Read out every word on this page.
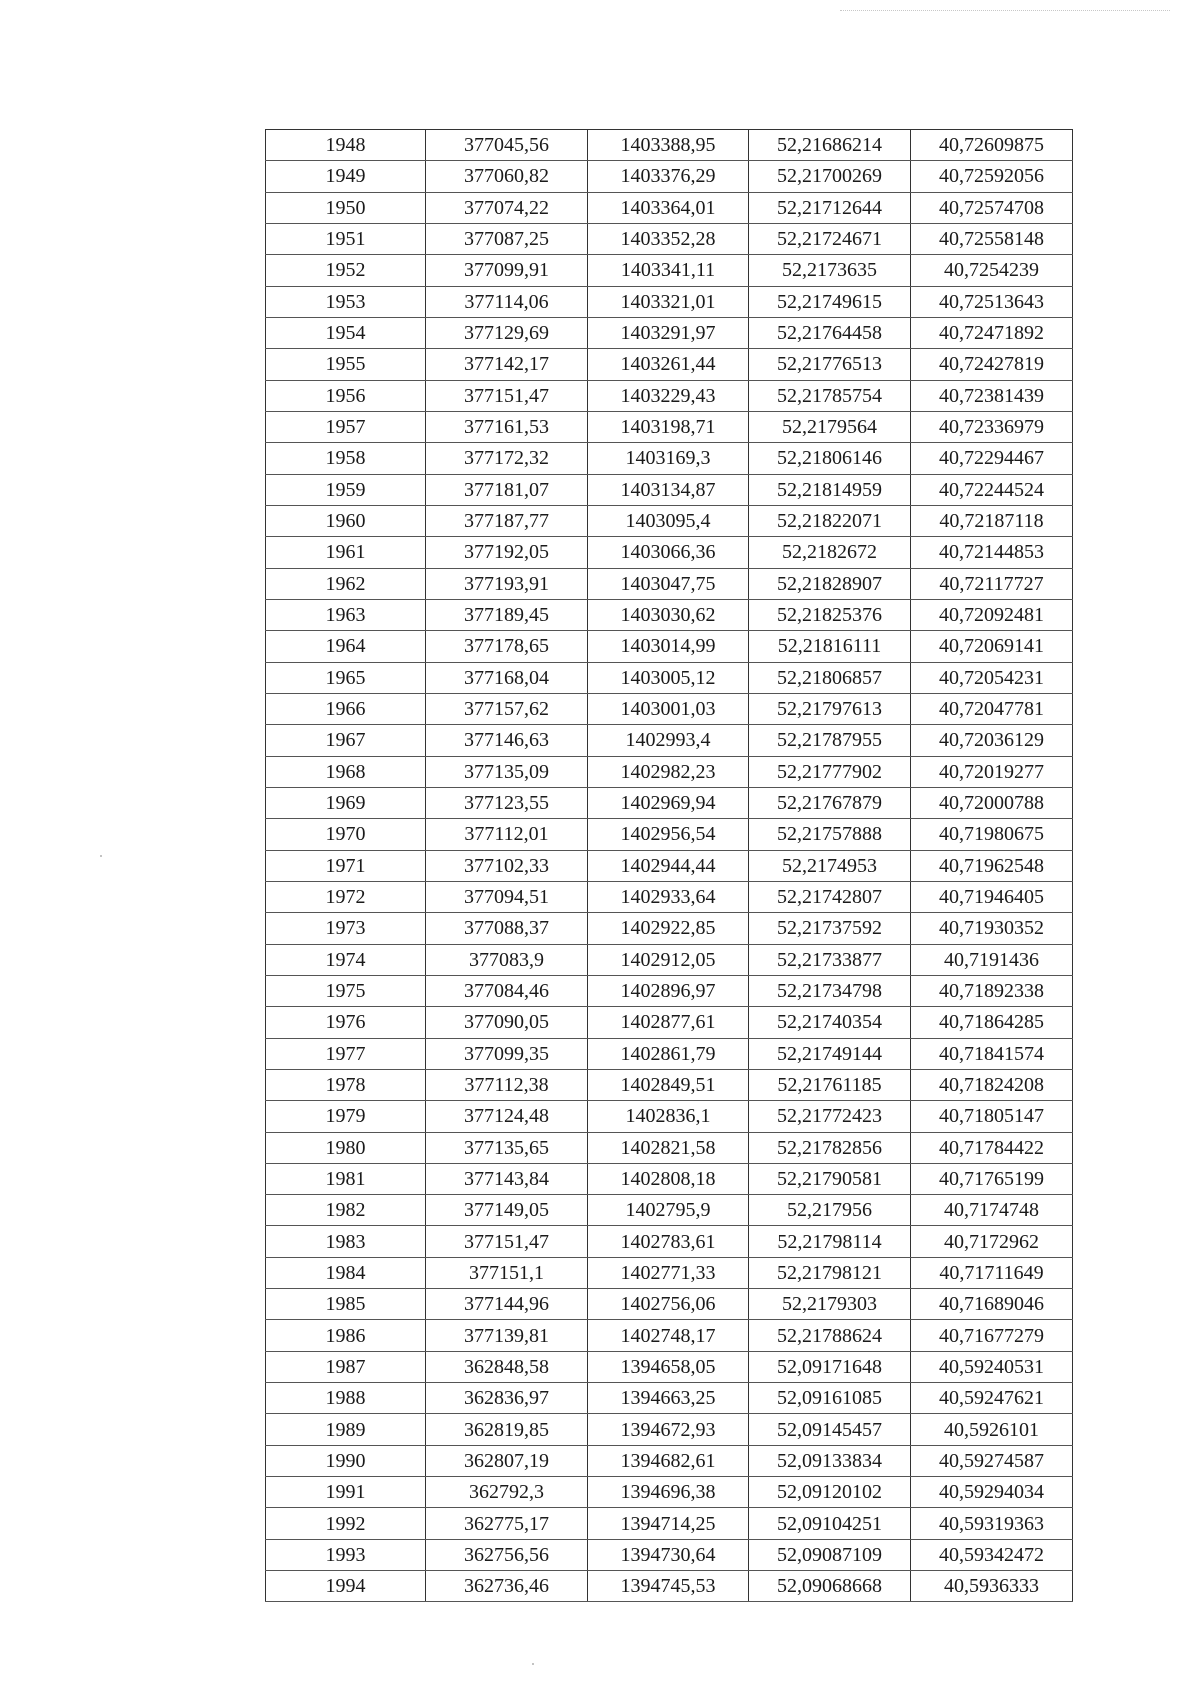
1948	377045,56	1403388,95	52,21686214	40,72609875
1949	377060,82	1403376,29	52,21700269	40,72592056
1950	377074,22	1403364,01	52,21712644	40,72574708
1951	377087,25	1403352,28	52,21724671	40,72558148
1952	377099,91	1403341,11	52,2173635	40,7254239
1953	377114,06	1403321,01	52,21749615	40,72513643
1954	377129,69	1403291,97	52,21764458	40,72471892
1955	377142,17	1403261,44	52,21776513	40,72427819
1956	377151,47	1403229,43	52,21785754	40,72381439
1957	377161,53	1403198,71	52,2179564	40,72336979
1958	377172,32	1403169,3	52,21806146	40,72294467
1959	377181,07	1403134,87	52,21814959	40,72244524
1960	377187,77	1403095,4	52,21822071	40,72187118
1961	377192,05	1403066,36	52,2182672	40,72144853
1962	377193,91	1403047,75	52,21828907	40,72117727
1963	377189,45	1403030,62	52,21825376	40,72092481
1964	377178,65	1403014,99	52,21816111	40,72069141
1965	377168,04	1403005,12	52,21806857	40,72054231
1966	377157,62	1403001,03	52,21797613	40,72047781
1967	377146,63	1402993,4	52,21787955	40,72036129
1968	377135,09	1402982,23	52,21777902	40,72019277
1969	377123,55	1402969,94	52,21767879	40,72000788
1970	377112,01	1402956,54	52,21757888	40,71980675
1971	377102,33	1402944,44	52,2174953	40,71962548
1972	377094,51	1402933,64	52,21742807	40,71946405
1973	377088,37	1402922,85	52,21737592	40,71930352
1974	377083,9	1402912,05	52,21733877	40,7191436
1975	377084,46	1402896,97	52,21734798	40,71892338
1976	377090,05	1402877,61	52,21740354	40,71864285
1977	377099,35	1402861,79	52,21749144	40,71841574
1978	377112,38	1402849,51	52,21761185	40,71824208
1979	377124,48	1402836,1	52,21772423	40,71805147
1980	377135,65	1402821,58	52,21782856	40,71784422
1981	377143,84	1402808,18	52,21790581	40,71765199
1982	377149,05	1402795,9	52,217956	40,7174748
1983	377151,47	1402783,61	52,21798114	40,7172962
1984	377151,1	1402771,33	52,21798121	40,71711649
1985	377144,96	1402756,06	52,2179303	40,71689046
1986	377139,81	1402748,17	52,21788624	40,71677279
1987	362848,58	1394658,05	52,09171648	40,59240531
1988	362836,97	1394663,25	52,09161085	40,59247621
1989	362819,85	1394672,93	52,09145457	40,5926101
1990	362807,19	1394682,61	52,09133834	40,59274587
1991	362792,3	1394696,38	52,09120102	40,59294034
1992	362775,17	1394714,25	52,09104251	40,59319363
1993	362756,56	1394730,64	52,09087109	40,59342472
1994	362736,46	1394745,53	52,09068668	40,5936333
